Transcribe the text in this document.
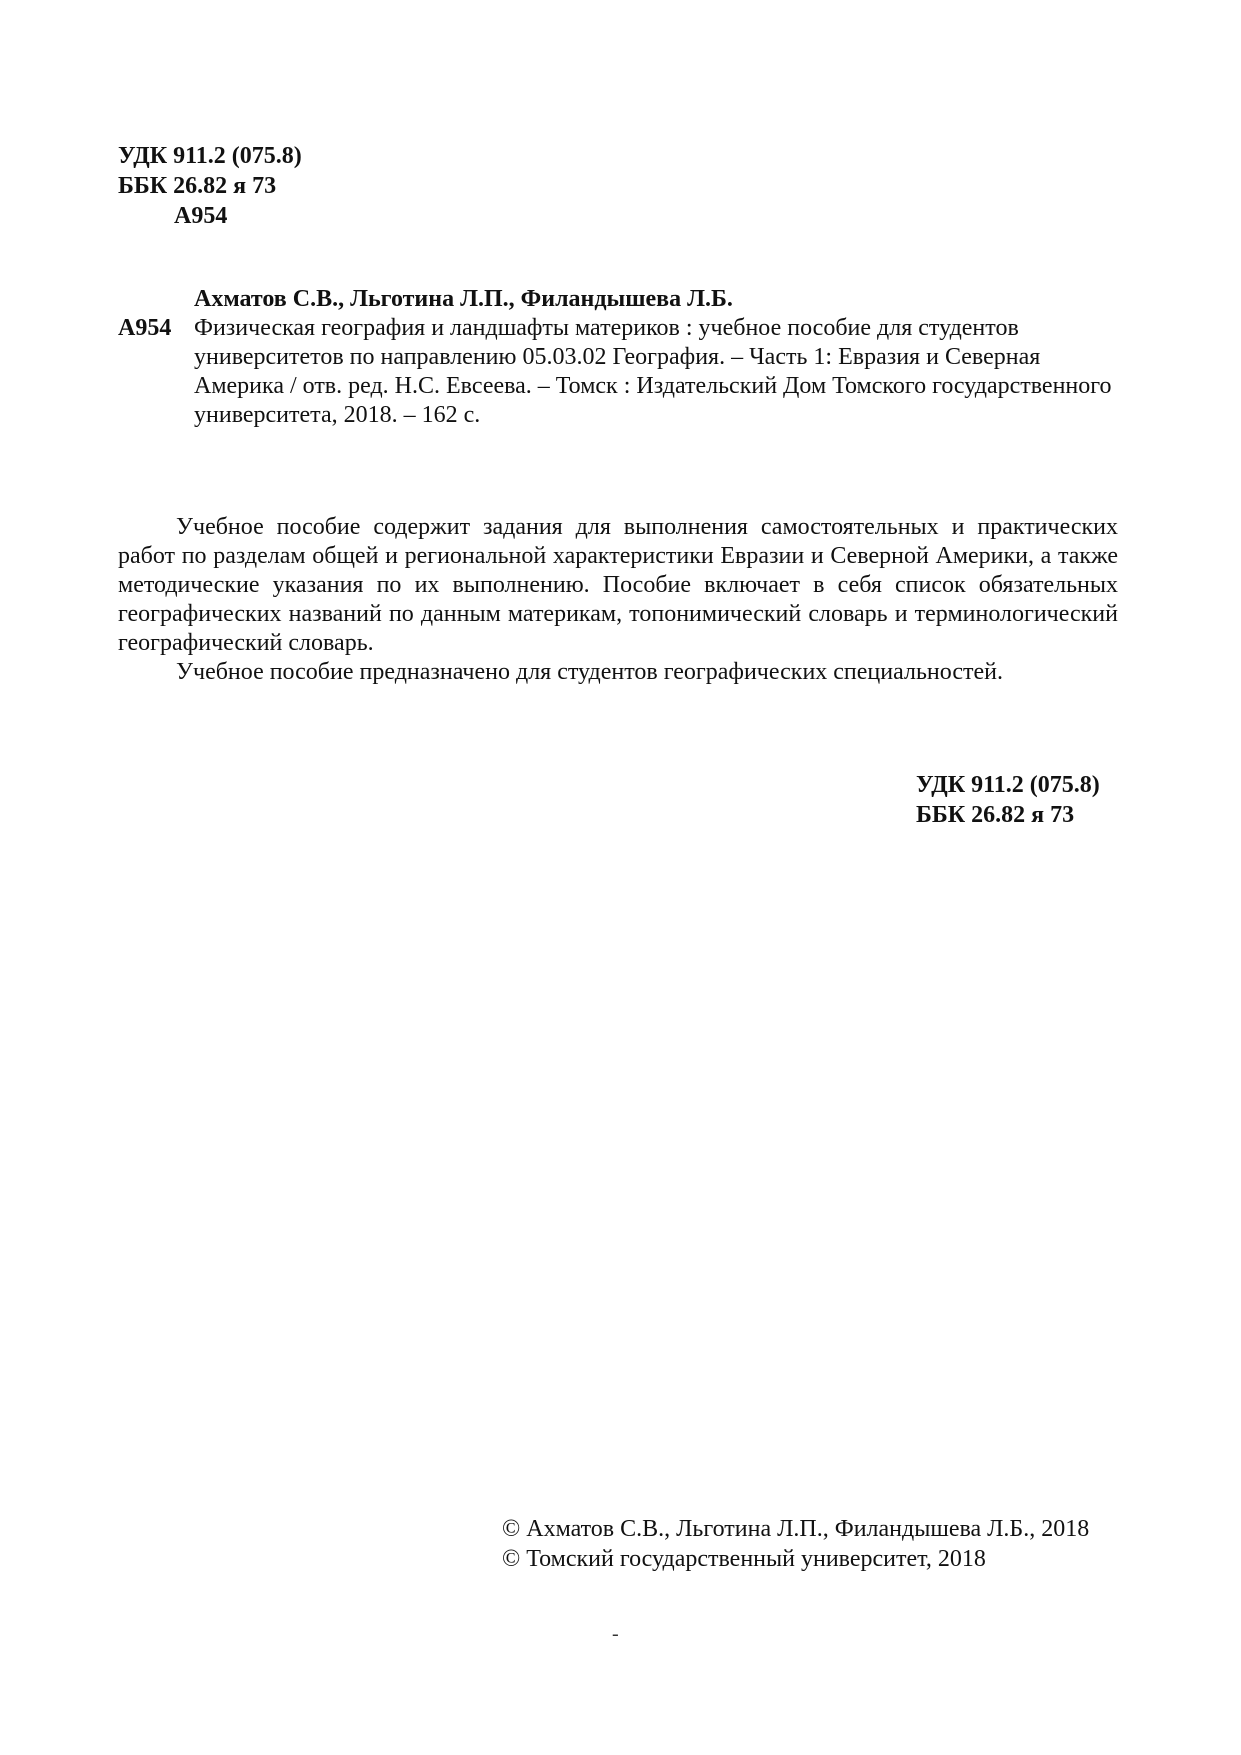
УДК 911.2 (075.8)
ББК 26.82 я 73
А954
Ахматов С.В., Льготина Л.П., Филандышева Л.Б.
А954 Физическая география и ландшафты материков : учебное пособие для студентов университетов по направлению 05.03.02 География. – Часть 1: Евразия и Северная Америка / отв. ред. Н.С. Евсеева. – Томск : Издательский Дом Томского государственного университета, 2018. – 162 с.

Учебное пособие содержит задания для выполнения самостоятельных и практических работ по разделам общей и региональной характеристики Евразии и Северной Америки, а также методические указания по их выполнению. Пособие включает в себя список обязательных географических названий по данным материкам, топонимический словарь и терминологический географический словарь.

Учебное пособие предназначено для студентов географических специальностей.

УДК 911.2 (075.8)
ББК 26.82 я 73
© Ахматов С.В., Льготина Л.П., Филандышева Л.Б., 2018
© Томский государственный университет, 2018
-
